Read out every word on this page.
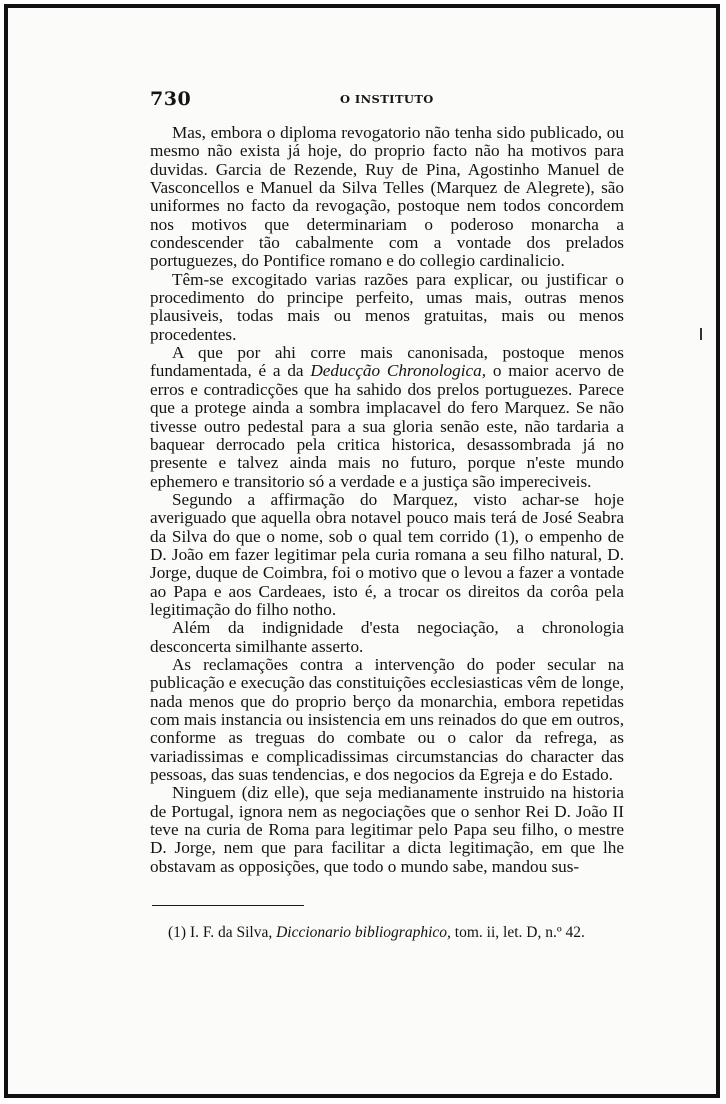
730	O INSTITUTO

Mas, embora o diploma revogatorio não tenha sido publicado, ou mesmo não exista já hoje, do proprio facto não ha motivos para duvidas. Garcia de Rezende, Ruy de Pina, Agostinho Manuel de Vasconcellos e Manuel da Silva Telles (Marquez de Alegrete), são uniformes no facto da revogação, postoque nem todos concordem nos motivos que determinariam o poderoso monarcha a condescender tão cabalmente com a vontade dos prelados portuguezes, do Pontifice romano e do collegio cardinalicio.

Têm-se excogitado varias razões para explicar, ou justificar o procedimento do principe perfeito, umas mais, outras menos plausiveis, todas mais ou menos gratuitas, mais ou menos procedentes.

A que por ahi corre mais canonisada, postoque menos fundamentada, é a da Deducção Chronologica, o maior acervo de erros e contradicções que ha sahido dos prelos portuguezes. Parece que a protege ainda a sombra implacavel do fero Marquez. Se não tivesse outro pedestal para a sua gloria senão este, não tardaria a baquear derrocado pela critica historica, desassombrada já no presente e talvez ainda mais no futuro, porque n'este mundo ephemero e transitorio só a verdade e a justiça são impereciveis.

Segundo a affirmação do Marquez, visto achar-se hoje averiguado que aquella obra notavel pouco mais terá de José Seabra da Silva do que o nome, sob o qual tem corrido (1), o empenho de D. João em fazer legitimar pela curia romana a seu filho natural, D. Jorge, duque de Coimbra, foi o motivo que o levou a fazer a vontade ao Papa e aos Cardeaes, isto é, a trocar os direitos da corôa pela legitimação do filho notho.

Além da indignidade d'esta negociação, a chronologia desconcerta similhante asserto.

As reclamações contra a intervenção do poder secular na publicação e execução das constituições ecclesiasticas vêm de longe, nada menos que do proprio berço da monarchia, embora repetidas com mais instancia ou insistencia em uns reinados do que em outros, conforme as treguas do combate ou o calor da refrega, as variadissimas e complicadissimas circumstancias do character das pessoas, das suas tendencias, e dos negocios da Egreja e do Estado.

Ninguem (diz elle), que seja medianamente instruido na historia de Portugal, ignora nem as negociações que o senhor Rei D. João II teve na curia de Roma para legitimar pelo Papa seu filho, o mestre D. Jorge, nem que para facilitar a dicta legitimação, em que lhe obstavam as opposições, que todo o mundo sabe, mandou sus-

(1) I. F. da Silva, Diccionario bibliographico, tom. ii, let. D, n.º 42.
